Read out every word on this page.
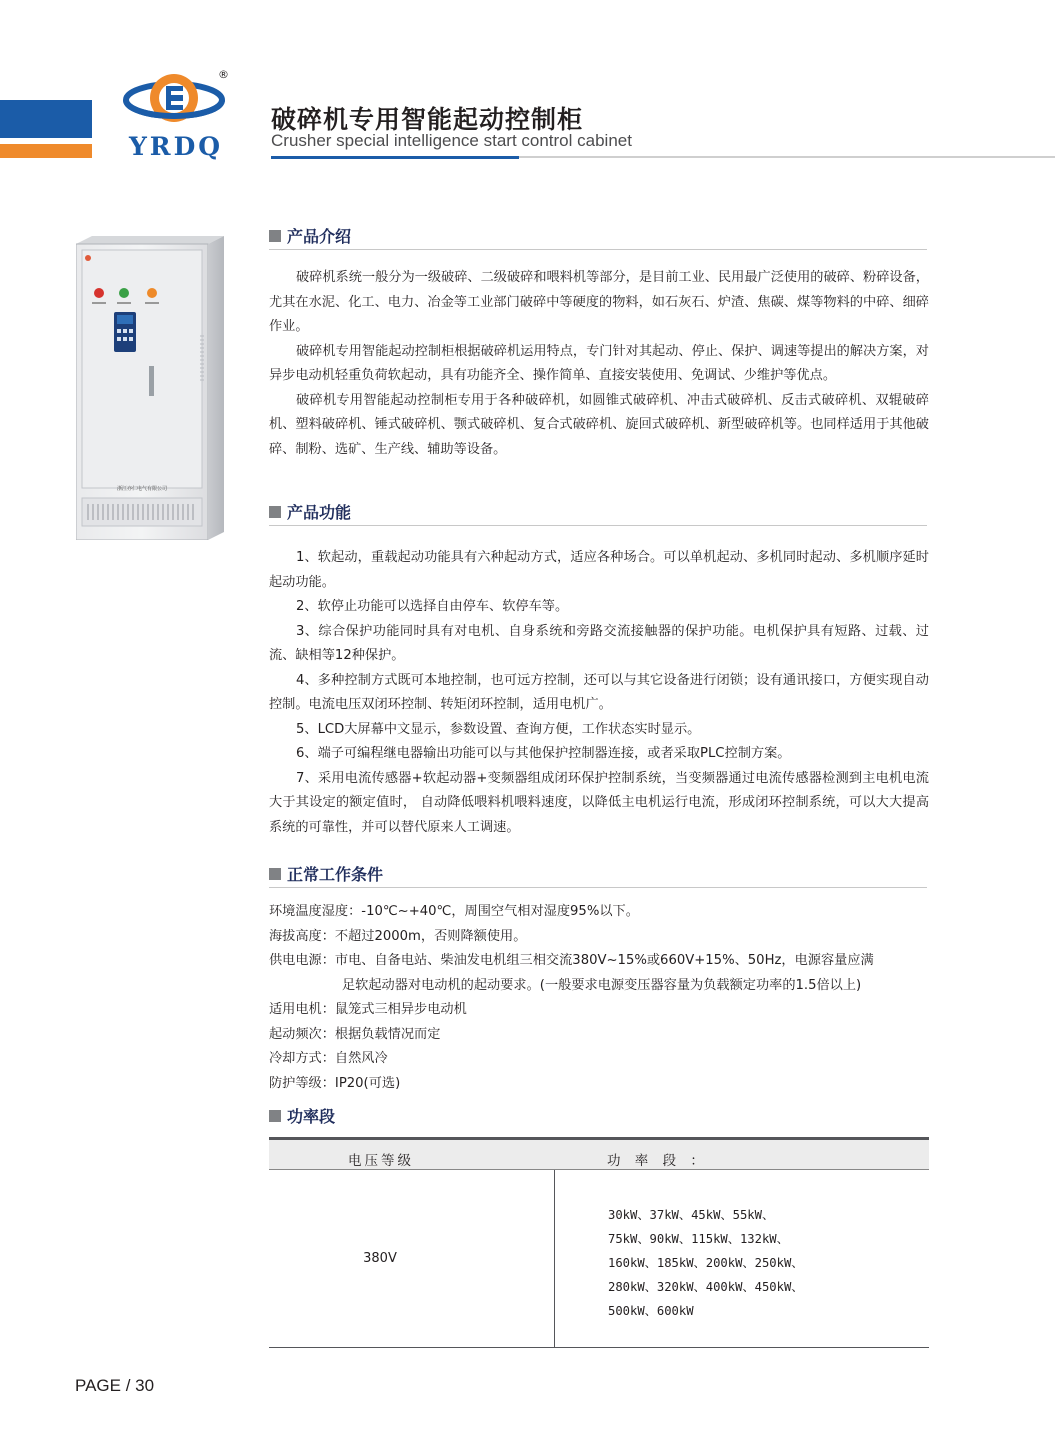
®
YRDQ
破碎机专用智能起动控制柜
Crusher special intelligence start control cabinet
浙江亦仁电气有限公司
产品介绍

破碎机系统一般分为一级破碎、二级破碎和喂料机等部分，是目前工业、民用最广泛使用的破碎、粉碎设备，尤其在水泥、化工、电力、冶金等工业部门破碎中等硬度的物料，如石灰石、炉渣、焦碳、煤等物料的中碎、细碎作业。

破碎机专用智能起动控制柜根据破碎机运用特点，专门针对其起动、停止、保护、调速等提出的解决方案，对异步电动机轻重负荷软起动，具有功能齐全、操作简单、直接安装使用、免调试、少维护等优点。

破碎机专用智能起动控制柜专用于各种破碎机，如圆锥式破碎机、冲击式破碎机、反击式破碎机、双辊破碎机、塑料破碎机、锤式破碎机、颚式破碎机、复合式破碎机、旋回式破碎机、新型破碎机等。也同样适用于其他破碎、制粉、选矿、生产线、辅助等设备。

产品功能

1、软起动，重载起动功能具有六种起动方式，适应各种场合。可以单机起动、多机同时起动、多机顺序延时起动功能。

2、软停止功能可以选择自由停车、软停车等。

3、综合保护功能同时具有对电机、自身系统和旁路交流接触器的保护功能。电机保护具有短路、过载、过流、缺相等12种保护。

4、多种控制方式既可本地控制，也可远方控制，还可以与其它设备进行闭锁；设有通讯接口，方便实现自动控制。电流电压双闭环控制、转矩闭环控制，适用电机广。

5、LCD大屏幕中文显示，参数设置、查询方便，工作状态实时显示。

6、端子可编程继电器输出功能可以与其他保护控制器连接，或者采取PLC控制方案。

7、采用电流传感器+软起动器+变频器组成闭环保护控制系统，当变频器通过电流传感器检测到主电机电流大于其设定的额定值时， 自动降低喂料机喂料速度，以降低主电机运行电流，形成闭环控制系统，可以大大提高系统的可靠性，并可以替代原来人工调速。

正常工作条件
环境温度湿度：-10℃~+40℃，周围空气相对湿度95%以下。
海拔高度：不超过2000m，否则降额使用。
供电电源：市电、自备电站、柴油发电机组三相交流380V~15%或660V+15%、50Hz，电源容量应满
足软起动器对电动机的起动要求。(一般要求电源变压器容量为负载额定功率的1.5倍以上)
适用电机：鼠笼式三相异步电动机
起动频次：根据负载情况而定
冷却方式：自然风冷
防护等级：IP20(可选)
功率段
电压等级	功 率 段 ：
380V
30kW、37kW、45kW、55kW、
75kW、90kW、115kW、132kW、
160kW、185kW、200kW、250kW、
280kW、320kW、400kW、450kW、
500kW、600kW
PAGE / 30
